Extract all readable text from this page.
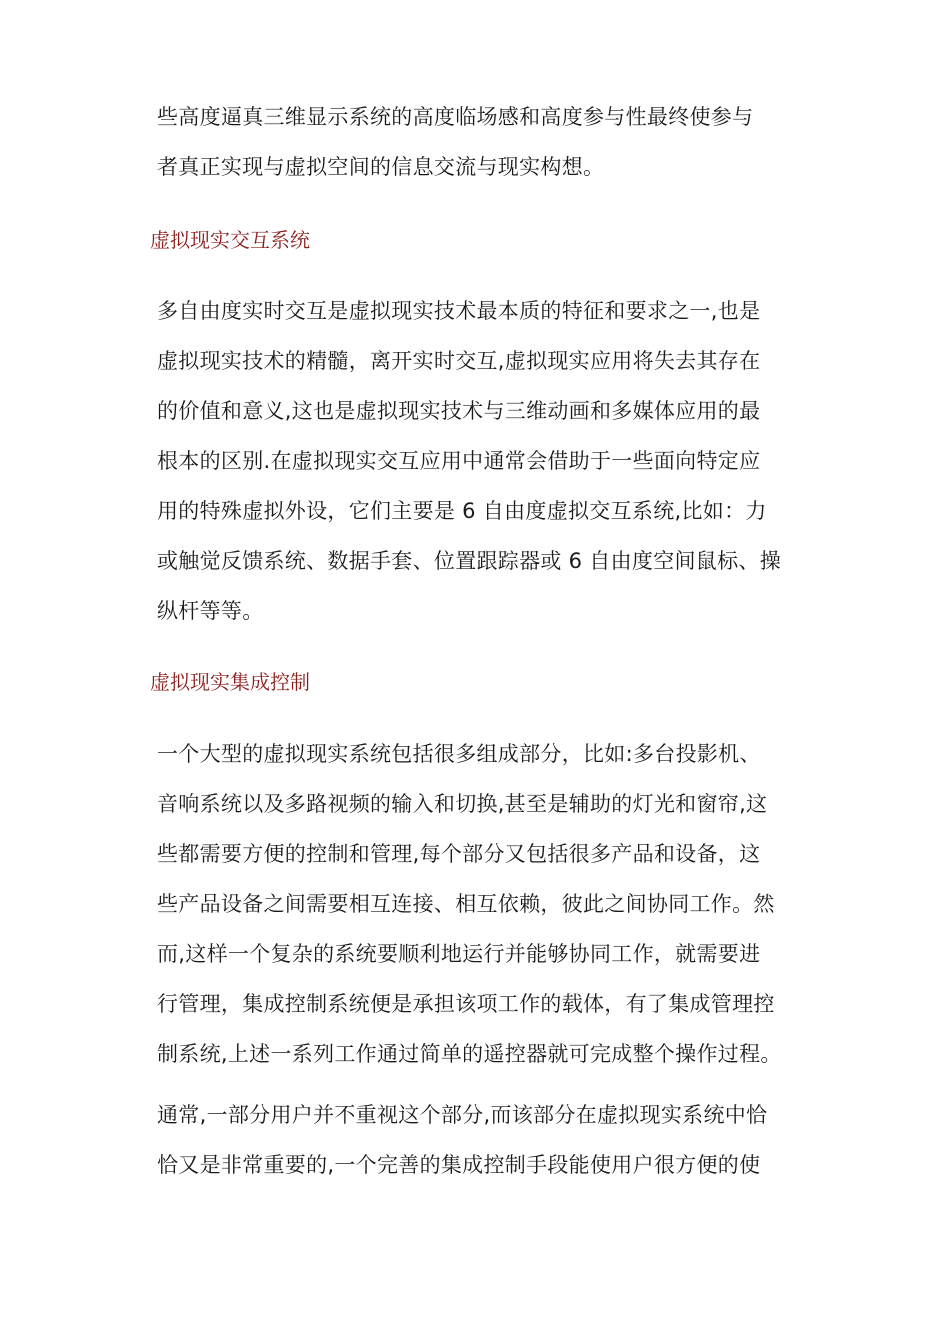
些高度逼真三维显示系统的高度临场感和高度参与性最终使参与
者真正实现与虚拟空间的信息交流与现实构想。
虚拟现实交互系统
多自由度实时交互是虚拟现实技术最本质的特征和要求之一,也是
虚拟现实技术的精髓，离开实时交互,虚拟现实应用将失去其存在
的价值和意义,这也是虚拟现实技术与三维动画和多媒体应用的最
根本的区别.在虚拟现实交互应用中通常会借助于一些面向特定应
用的特殊虚拟外设，它们主要是 6 自由度虚拟交互系统,比如：力
或触觉反馈系统、数据手套、位置跟踪器或 6 自由度空间鼠标、操
纵杆等等。
虚拟现实集成控制
一个大型的虚拟现实系统包括很多组成部分，比如:多台投影机、
音响系统以及多路视频的输入和切换,甚至是辅助的灯光和窗帘,这
些都需要方便的控制和管理,每个部分又包括很多产品和设备，这
些产品设备之间需要相互连接、相互依赖，彼此之间协同工作。然
而,这样一个复杂的系统要顺利地运行并能够协同工作，就需要进
行管理，集成控制系统便是承担该项工作的载体，有了集成管理控
制系统,上述一系列工作通过简单的遥控器就可完成整个操作过程。
通常,一部分用户并不重视这个部分,而该部分在虚拟现实系统中恰
恰又是非常重要的,一个完善的集成控制手段能使用户很方便的使
